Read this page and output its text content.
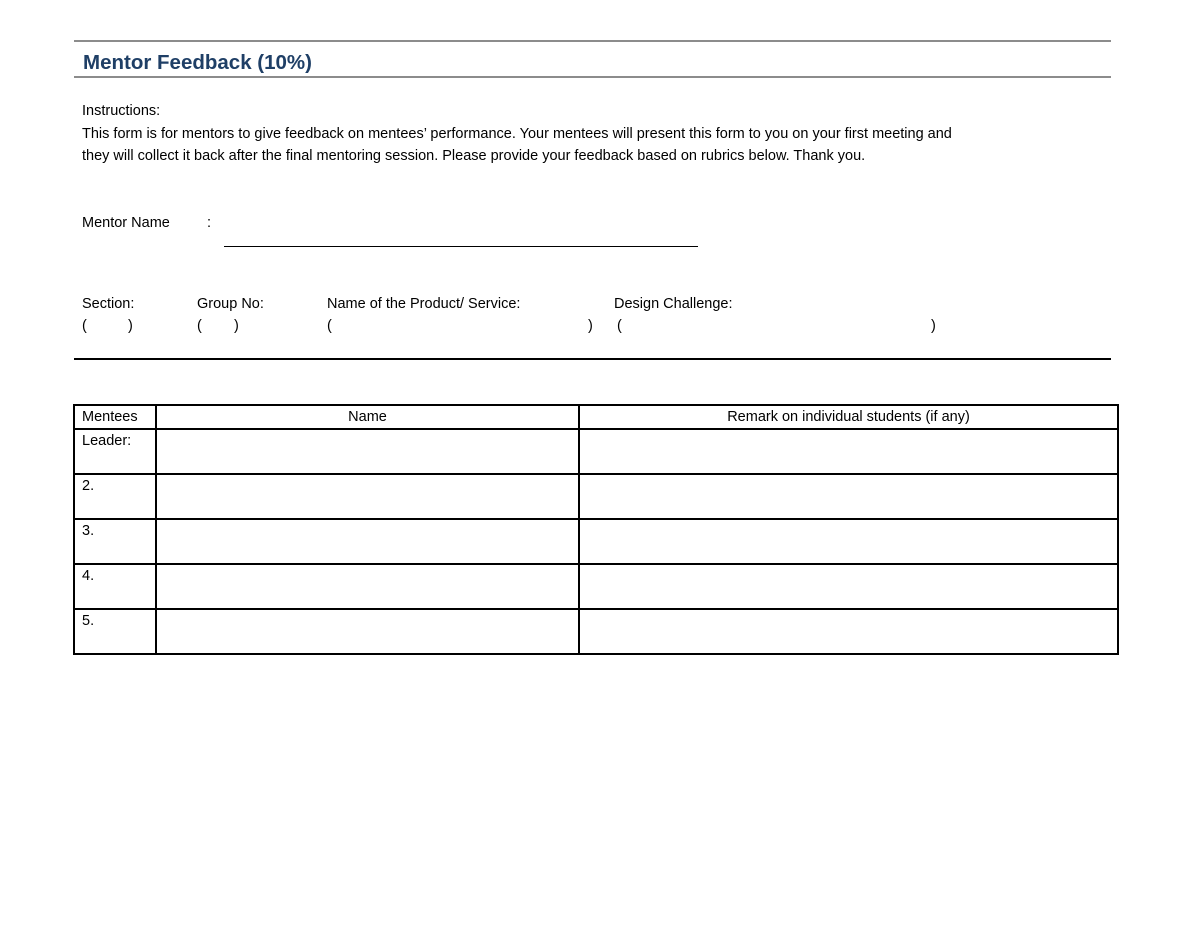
Mentor Feedback (10%)
Instructions:
This form is for mentors to give feedback on mentees’ performance. Your mentees will present this form to you on your first meeting and
they will collect it back after the final mentoring session. Please provide your feedback based on rubrics below. Thank you.
Mentor Name	:
Section:
(	)
Group No:
( )
Name of the Product/ Service:
(	)
Design Challenge:
(	)
Mentees	Name	Remark on individual students (if any)
Leader:		
2.		
3.		
4.		
5.		
